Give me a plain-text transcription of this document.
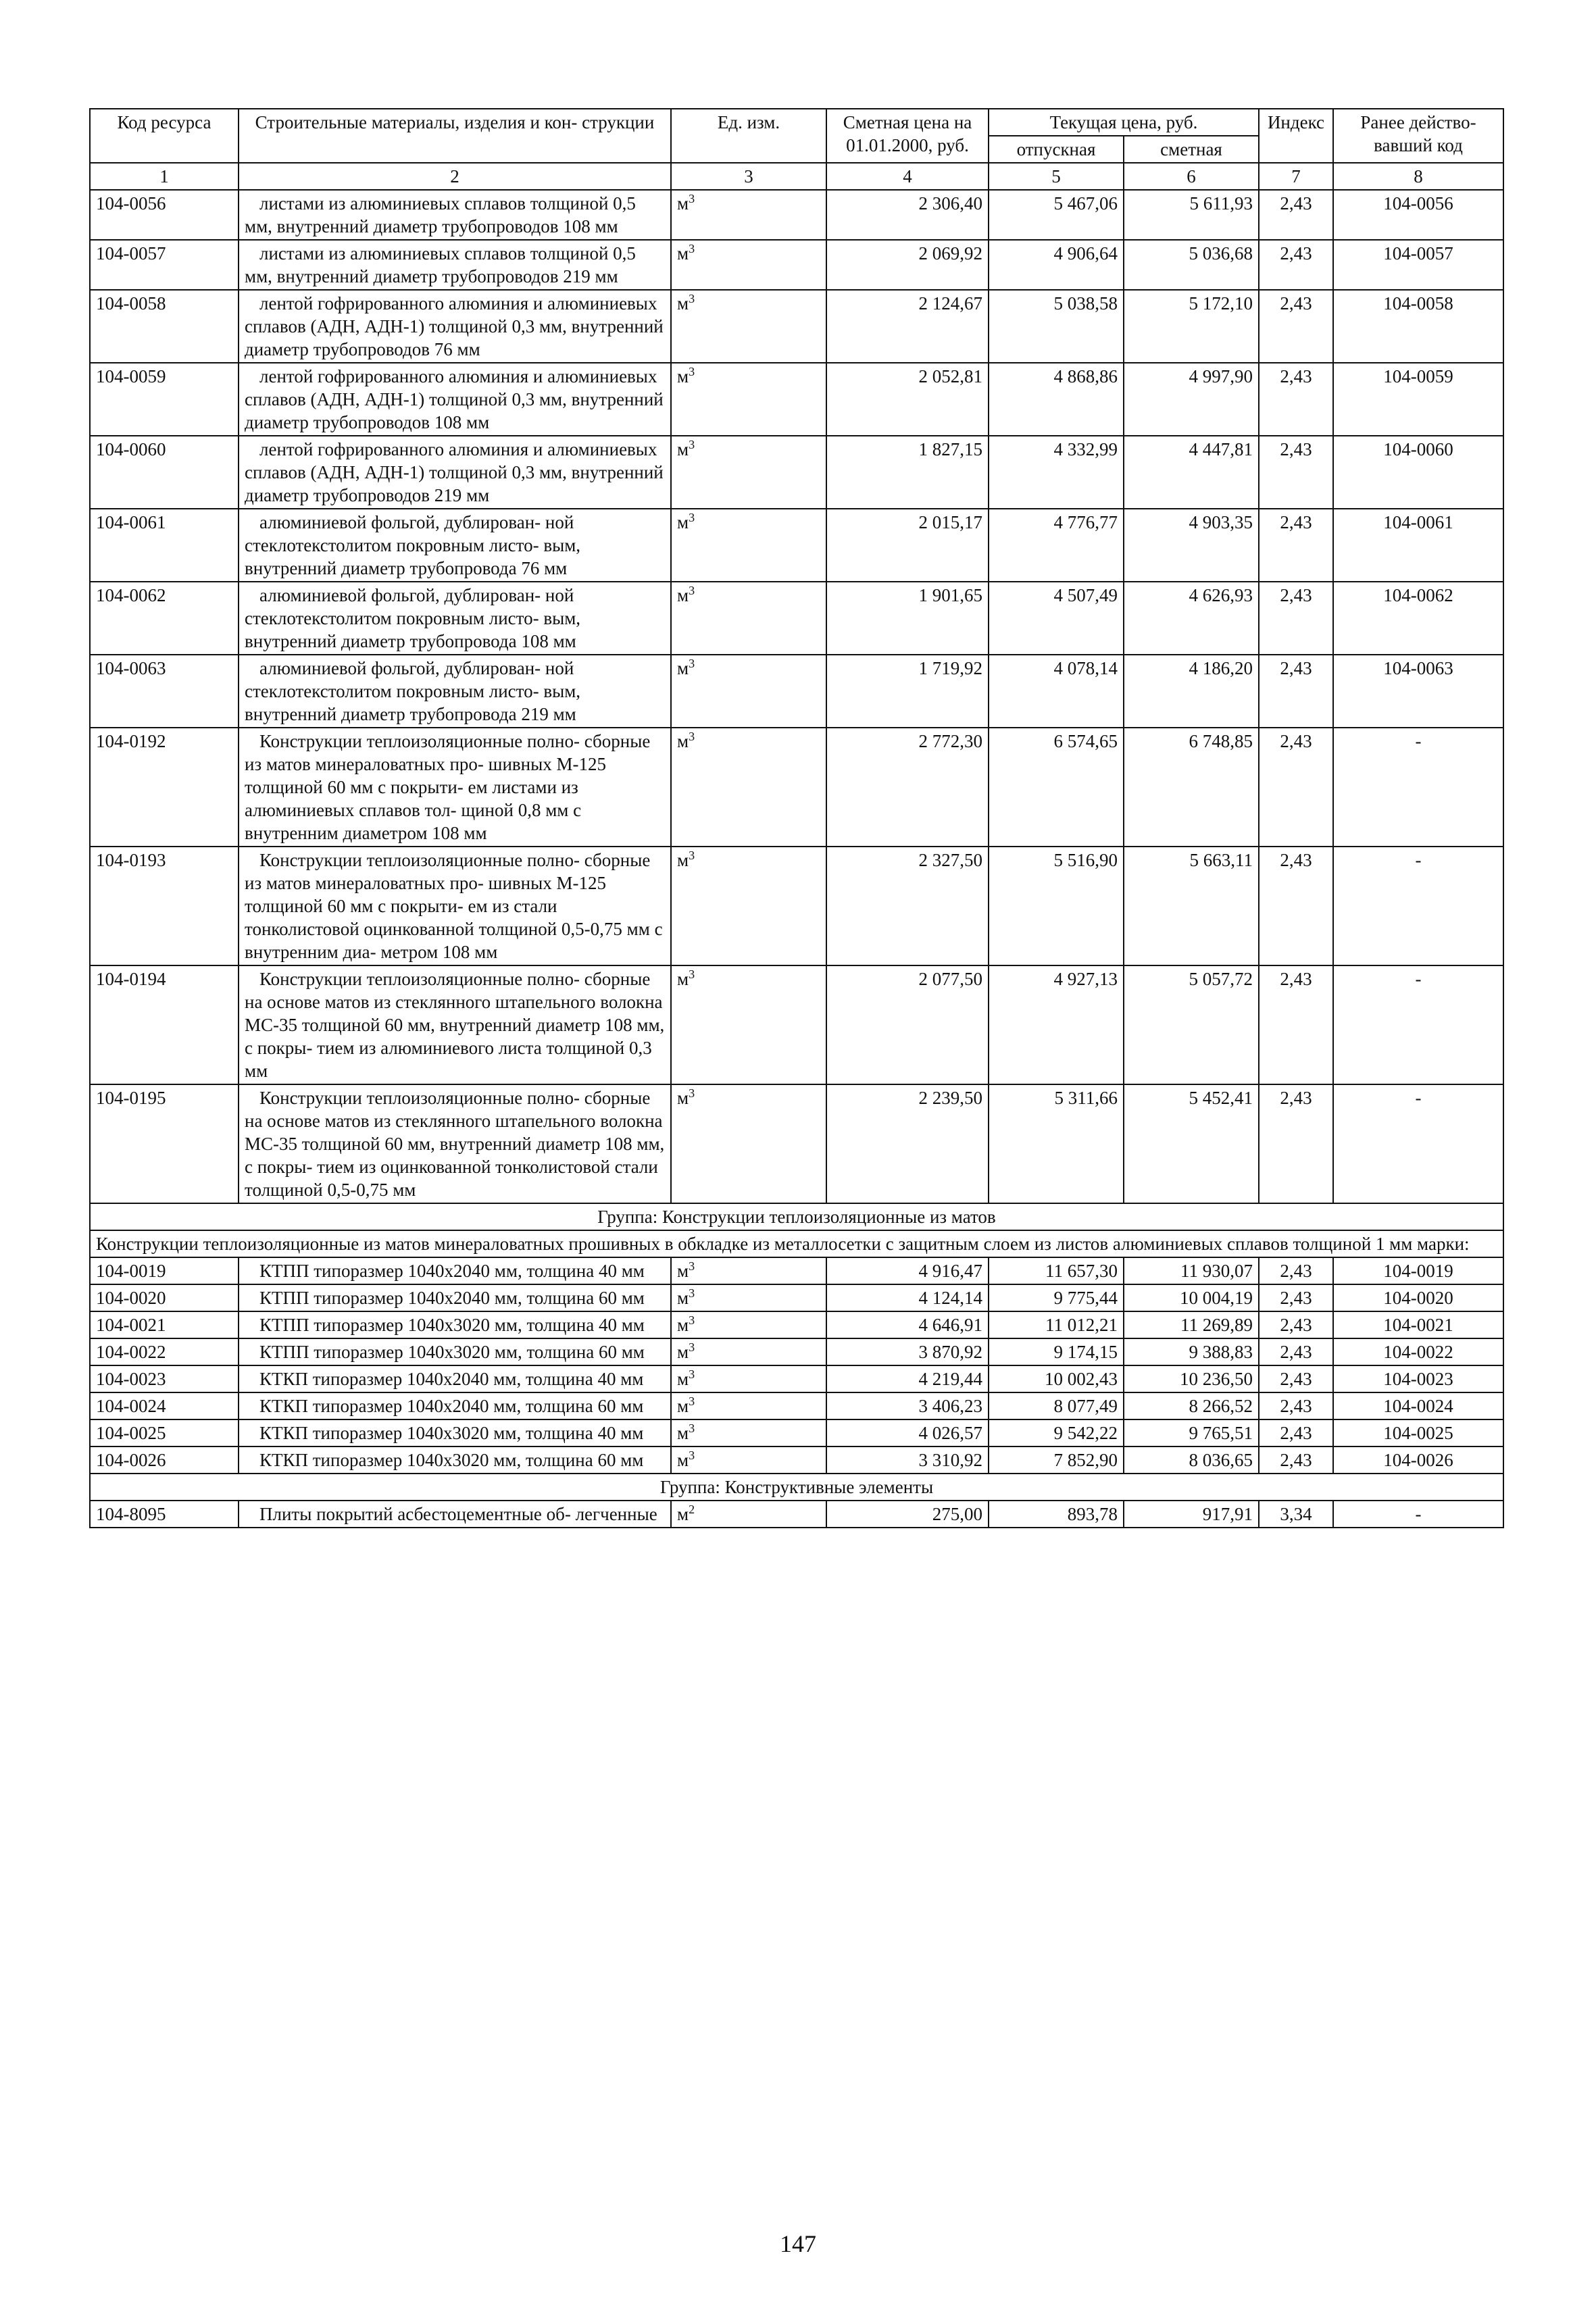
Код ресурса	Строительные материалы, изделия и кон- струкции	Ед. изм.	Сметная цена на 01.01.2000, руб.	Текущая цена, руб.		Индекс	Ранее действо- вавший код
				отпускная	сметная		
1	2	3	4	5	6	7	8
104-0056	листами из алюминиевых сплавов толщиной 0,5 мм, внутренний диаметр трубопроводов 108 мм	$м^3$	2 306,40	5 467,06	5 611,93	2,43	104-0056
104-0057	листами из алюминиевых сплавов толщиной 0,5 мм, внутренний диаметр трубопроводов 219 мм	$м^3$	2 069,92	4 906,64	5 036,68	2,43	104-0057
104-0058	лентой гофрированного алюминия и алюминиевых сплавов (АДН, АДН-1) толщиной 0,3 мм, внутренний диаметр трубопроводов 76 мм	$м^3$	2 124,67	5 038,58	5 172,10	2,43	104-0058
104-0059	лентой гофрированного алюминия и алюминиевых сплавов (АДН, АДН-1) толщиной 0,3 мм, внутренний диаметр трубопроводов 108 мм	$м^3$	2 052,81	4 868,86	4 997,90	2,43	104-0059
104-0060	лентой гофрированного алюминия и алюминиевых сплавов (АДН, АДН-1) толщиной 0,3 мм, внутренний диаметр трубопроводов 219 мм	$м^3$	1 827,15	4 332,99	4 447,81	2,43	104-0060
104-0061	алюминиевой фольгой, дублирован- ной стеклотекстолитом покровным листо- вым, внутренний диаметр трубопровода 76 мм	$м^3$	2 015,17	4 776,77	4 903,35	2,43	104-0061
104-0062	алюминиевой фольгой, дублирован- ной стеклотекстолитом покровным листо- вым, внутренний диаметр трубопровода 108 мм	$м^3$	1 901,65	4 507,49	4 626,93	2,43	104-0062
104-0063	алюминиевой фольгой, дублирован- ной стеклотекстолитом покровным листо- вым, внутренний диаметр трубопровода 219 мм	$м^3$	1 719,92	4 078,14	4 186,20	2,43	104-0063
104-0192	Конструкции теплоизоляционные полно- сборные из матов минераловатных про- шивных М-125 толщиной 60 мм с покрыти- ем листами из алюминиевых сплавов тол- щиной 0,8 мм с внутренним диаметром 108 мм	$м^3$	2 772,30	6 574,65	6 748,85	2,43	-
104-0193	Конструкции теплоизоляционные полно- сборные из матов минераловатных про- шивных М-125 толщиной 60 мм с покрыти- ем из стали тонколистовой оцинкованной толщиной 0,5-0,75 мм с внутренним диа- метром 108 мм	$м^3$	2 327,50	5 516,90	5 663,11	2,43	-
104-0194	Конструкции теплоизоляционные полно- сборные на основе матов из стеклянного штапельного волокна МС-35 толщиной 60 мм, внутренний диаметр 108 мм, с покры- тием из алюминиевого листа толщиной 0,3 мм	$м^3$	2 077,50	4 927,13	5 057,72	2,43	-
104-0195	Конструкции теплоизоляционные полно- сборные на основе матов из стеклянного штапельного волокна МС-35 толщиной 60 мм, внутренний диаметр 108 мм, с покры- тием из оцинкованной тонколистовой стали толщиной 0,5-0,75 мм	$м^3$	2 239,50	5 311,66	5 452,41	2,43	-
Группа: Конструкции теплоизоляционные из матов							
Конструкции теплоизоляционные из матов минераловатных прошивных в обкладке из металлосетки с защитным слоем из листов алюминиевых сплавов толщиной 1 мм марки:							
104-0019	КТПП типоразмер 1040х2040 мм, толщина 40 мм	$м^3$	4 916,47	11 657,30	11 930,07	2,43	104-0019
104-0020	КТПП типоразмер 1040х2040 мм, толщина 60 мм	$м^3$	4 124,14	9 775,44	10 004,19	2,43	104-0020
104-0021	КТПП типоразмер 1040х3020 мм, толщина 40 мм	$м^3$	4 646,91	11 012,21	11 269,89	2,43	104-0021
104-0022	КТПП типоразмер 1040х3020 мм, толщина 60 мм	$м^3$	3 870,92	9 174,15	9 388,83	2,43	104-0022
104-0023	КТКП типоразмер 1040х2040 мм, толщина 40 мм	$м^3$	4 219,44	10 002,43	10 236,50	2,43	104-0023
104-0024	КТКП типоразмер 1040х2040 мм, толщина 60 мм	$м^3$	3 406,23	8 077,49	8 266,52	2,43	104-0024
104-0025	КТКП типоразмер 1040х3020 мм, толщина 40 мм	$м^3$	4 026,57	9 542,22	9 765,51	2,43	104-0025
104-0026	КТКП типоразмер 1040х3020 мм, толщина 60 мм	$м^3$	3 310,92	7 852,90	8 036,65	2,43	104-0026
Группа: Конструктивные элементы							
104-8095	Плиты покрытий асбестоцементные об- легченные	$м^2$	275,00	893,78	917,91	3,34	-
147
